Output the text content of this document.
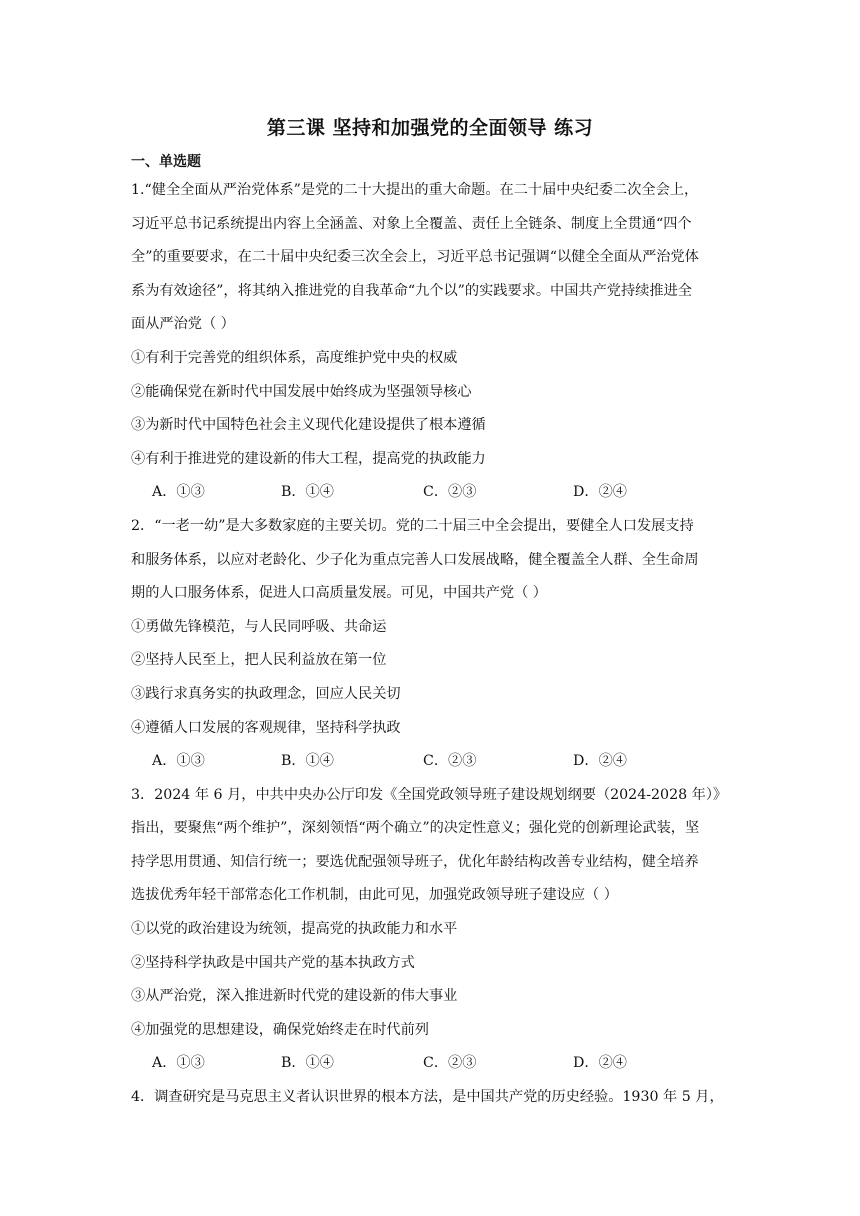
第三课 坚持和加强党的全面领导 练习
一、单选题
1.“健全全面从严治党体系”是党的二十大提出的重大命题。在二十届中央纪委二次全会上，
习近平总书记系统提出内容上全涵盖、对象上全覆盖、责任上全链条、制度上全贯通“四个
全”的重要要求，在二十届中央纪委三次全会上，习近平总书记强调“以健全全面从严治党体
系为有效途径”，将其纳入推进党的自我革命“九个以”的实践要求。中国共产党持续推进全
面从严治党（ ）
①有利于完善党的组织体系，高度维护党中央的权威
②能确保党在新时代中国发展中始终成为坚强领导核心
③为新时代中国特色社会主义现代化建设提供了根本遵循
④有利于推进党的建设新的伟大工程，提高党的执政能力
A．①③	B．①④	C．②③	D．②④
2．“一老一幼”是大多数家庭的主要关切。党的二十届三中全会提出，要健全人口发展支持
和服务体系，以应对老龄化、少子化为重点完善人口发展战略，健全覆盖全人群、全生命周
期的人口服务体系，促进人口高质量发展。可见，中国共产党（ ）
①勇做先锋模范，与人民同呼吸、共命运
②坚持人民至上，把人民利益放在第一位
③践行求真务实的执政理念，回应人民关切
④遵循人口发展的客观规律，坚持科学执政
A．①③	B．①④	C．②③	D．②④
3．2024 年 6 月，中共中央办公厅印发《全国党政领导班子建设规划纲要（2024-2028 年）》
指出，要聚焦“两个维护”，深刻领悟“两个确立”的决定性意义；强化党的创新理论武装，坚
持学思用贯通、知信行统一；要选优配强领导班子，优化年龄结构改善专业结构，健全培养
选拔优秀年轻干部常态化工作机制，由此可见，加强党政领导班子建设应（ ）
①以党的政治建设为统领，提高党的执政能力和水平
②坚持科学执政是中国共产党的基本执政方式
③从严治党，深入推进新时代党的建设新的伟大事业
④加强党的思想建设，确保党始终走在时代前列
A．①③	B．①④	C．②③	D．②④
4．调查研究是马克思主义者认识世界的根本方法，是中国共产党的历史经验。1930 年 5 月，
